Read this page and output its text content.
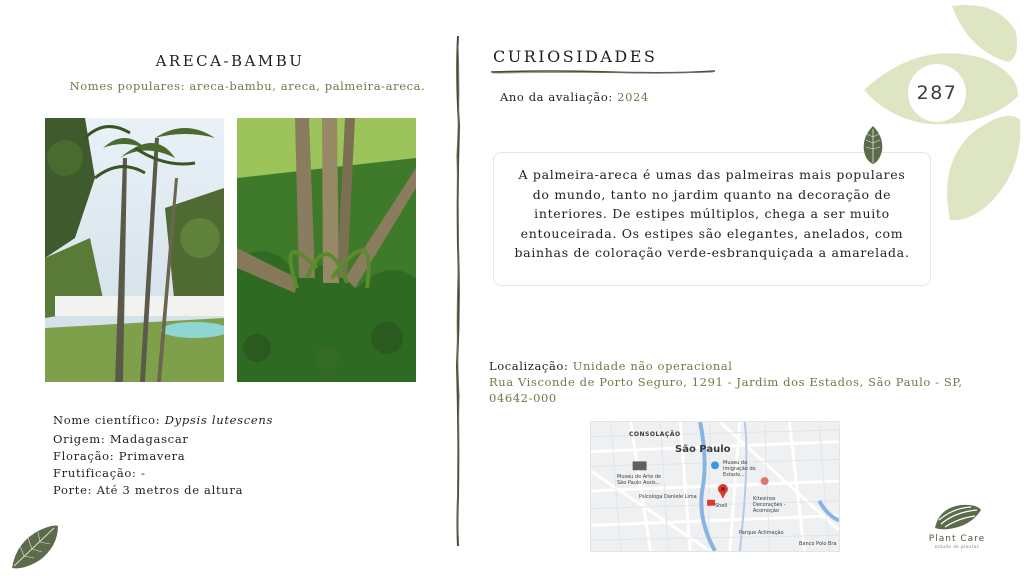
ARECA-BAMBU
Nomes populares: areca-bambu, areca, palmeira-areca.
Nome científico: Dypsis lutescens
Origem: Madagascar
Floração: Primavera
Frutificação: -
Porte: Até 3 metros de altura
CURIOSIDADES
Ano da avaliação: 2024
A palmeira-areca é umas das palmeiras mais populares do mundo, tanto no jardim quanto na decoração de interiores. De estipes múltiplos, chega a ser muito entouceirada. Os estipes são elegantes, anelados, com bainhas de coloração verde-esbranquiçada a amarelada.
Localização: Unidade não operacional
Rua Visconde de Porto Seguro, 1291 - Jardim dos Estados, São Paulo - SP, 04642-000
CONSOLAÇÃO
São Paulo
Museu da Imigração do Estado...
Museu de Arte de São Paulo Assis...
Psicologa Daniele Lima
Shell
Kitesinos Decorações - Acomoção
Parque Aclimação
Banco Polo Bra
287
Plant Care
estudo de plantas
